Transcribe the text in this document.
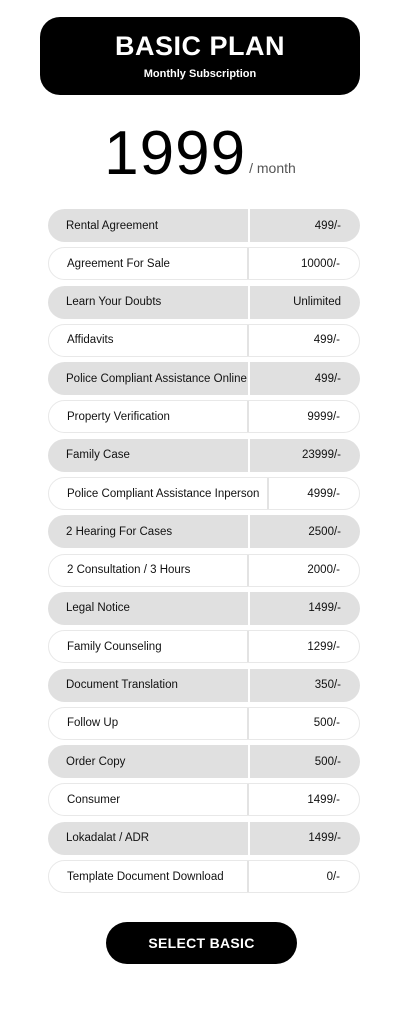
BASIC PLAN
Monthly Subscription
1999 / month
Rental Agreement	499/-
Agreement For Sale	10000/-
Learn Your Doubts	Unlimited
Affidavits	499/-
Police Compliant Assistance Online	499/-
Property Verification	9999/-
Family Case	23999/-
Police Compliant Assistance Inperson	4999/-
2 Hearing For Cases	2500/-
2 Consultation / 3 Hours	2000/-
Legal Notice	1499/-
Family Counseling	1299/-
Document Translation	350/-
Follow Up	500/-
Order Copy	500/-
Consumer	1499/-
Lokadalat / ADR	1499/-
Template Document Download	0/-
SELECT BASIC
